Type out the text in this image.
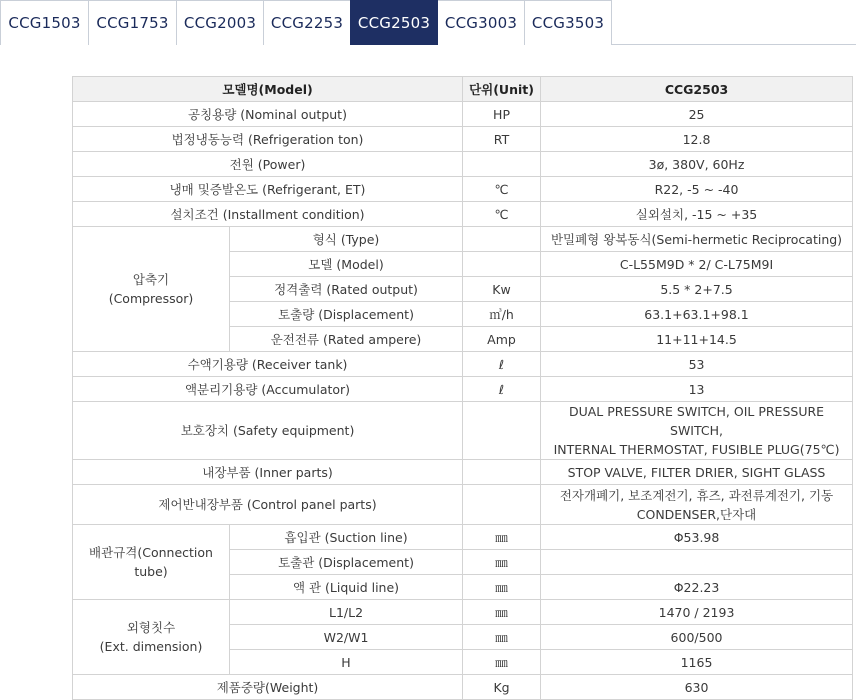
CCG1503	CCG1753	CCG2003 CCG2253 CCG2503 CCG3003 CCG3503
모델명(Model)		단위(Unit)	CCG2503
공칭용량 (Nominal output)		HP	25
법정냉동능력 (Refrigeration ton)		RT	12.8
전원 (Power)			3ø, 380V, 60Hz
냉매 및증발온도 (Refrigerant, ET)		℃	R22, -5 ~ -40
설치조건 (Installment condition)		℃	실외설치, -15 ~ +35
압축기
(Compressor)	형식 (Type)		반밀폐형 왕복동식(Semi-hermetic Reciprocating)
	모델 (Model)		C-L55M9D * 2/ C-L75M9I
	정격출력 (Rated output)	Kw	5.5 * 2+7.5
	토출량 (Displacement)	㎥/h	63.1+63.1+98.1
	운전전류 (Rated ampere)	Amp	11+11+14.5
수액기용량 (Receiver tank)		ℓ	53
액분리기용량 (Accumulator)		ℓ	13
보호장치 (Safety equipment)			DUAL PRESSURE SWITCH, OIL PRESSURE SWITCH,
INTERNAL THERMOSTAT, FUSIBLE PLUG(75℃)
내장부품 (Inner parts)			STOP VALVE, FILTER DRIER, SIGHT GLASS
제어반내장부품 (Control panel parts)			전자개폐기, 보조계전기, 휴즈, 과전류계전기, 기동
CONDENSER,단자대
배관규격(Connection
tube)	흡입관 (Suction line)	㎜	Φ53.98
	토출관 (Displacement)	㎜	
	액 관 (Liquid line)	㎜	Φ22.23
외형칫수
(Ext. dimension)	L1/L2	㎜	1470 / 2193
	W2/W1	㎜	600/500
	H	㎜	1165
제품중량(Weight)		Kg	630
